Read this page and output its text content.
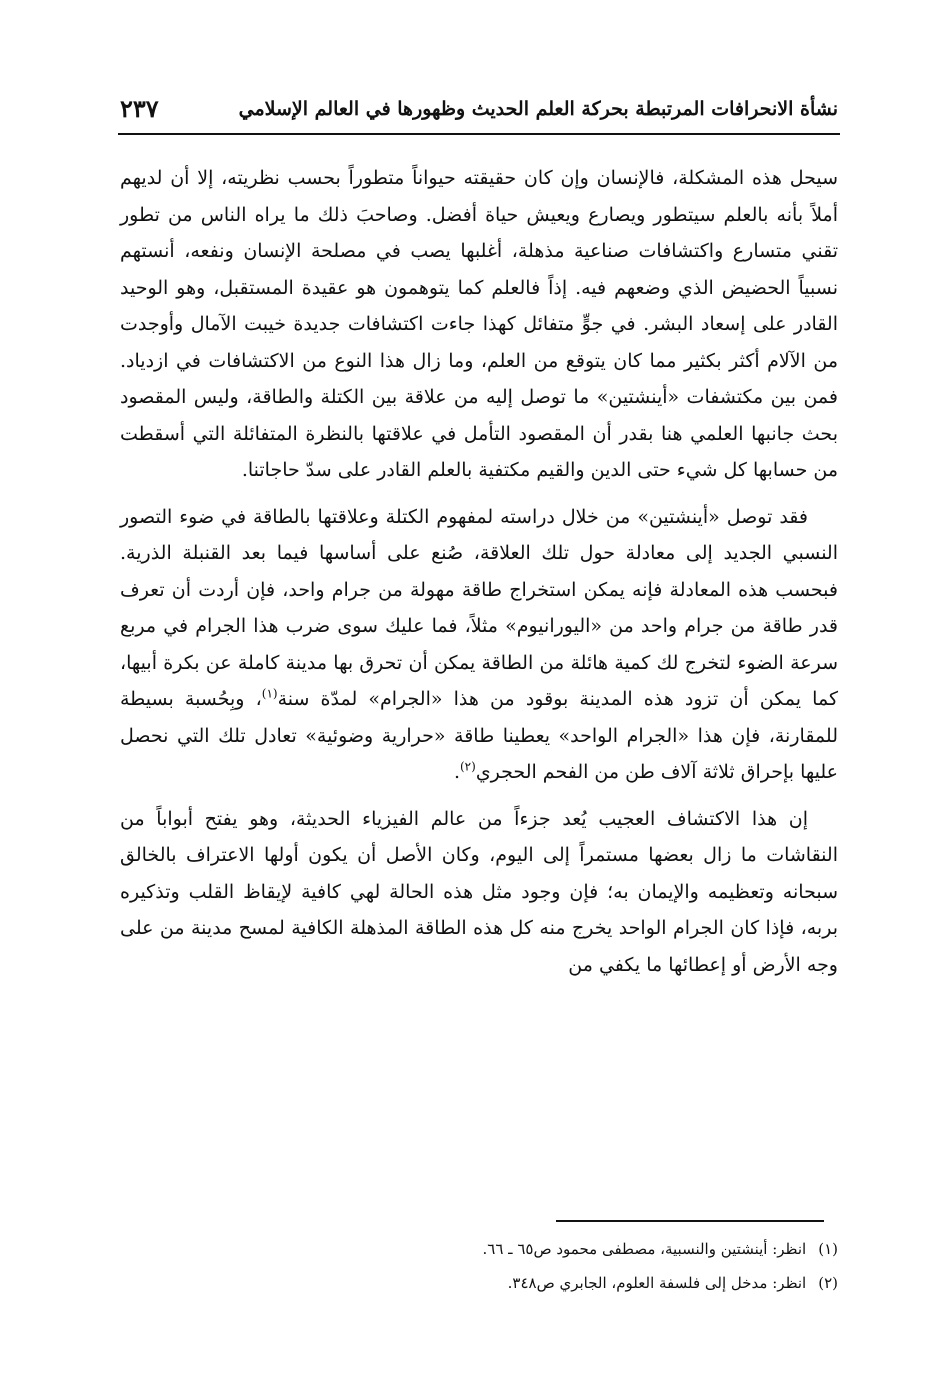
نشأة الانحرافات المرتبطة بحركة العلم الحديث وظهورها في العالم الإسلامي
٢٣٧

سيحل هذه المشكلة، فالإنسان وإن كان حقيقته حيواناً متطوراً بحسب نظريته، إلا أن لديهم أملاً بأنه بالعلم سيتطور ويصارع ويعيش حياة أفضل. وصاحبَ ذلك ما يراه الناس من تطور تقني متسارع واكتشافات صناعية مذهلة، أغلبها يصب في مصلحة الإنسان ونفعه، أنستهم نسبياً الحضيض الذي وضعهم فيه. إذاً فالعلم كما يتوهمون هو عقيدة المستقبل، وهو الوحيد القادر على إسعاد البشر. في جوٍّ متفائل كهذا جاءت اكتشافات جديدة خيبت الآمال وأوجدت من الآلام أكثر بكثير مما كان يتوقع من العلم، وما زال هذا النوع من الاكتشافات في ازدياد. فمن بين مكتشفات «أينشتين» ما توصل إليه من علاقة بين الكتلة والطاقة، وليس المقصود بحث جانبها العلمي هنا بقدر أن المقصود التأمل في علاقتها بالنظرة المتفائلة التي أسقطت من حسابها كل شيء حتى الدين والقيم مكتفية بالعلم القادر على سدّ حاجاتنا.

فقد توصل «أينشتين» من خلال دراسته لمفهوم الكتلة وعلاقتها بالطاقة في ضوء التصور النسبي الجديد إلى معادلة حول تلك العلاقة، صُنع على أساسها فيما بعد القنبلة الذرية. فبحسب هذه المعادلة فإنه يمكن استخراج طاقة مهولة من جرام واحد، فإن أردت أن تعرف قدر طاقة من جرام واحد من «اليورانيوم» مثلاً، فما عليك سوى ضرب هذا الجرام في مربع سرعة الضوء لتخرج لك كمية هائلة من الطاقة يمكن أن تحرق بها مدينة كاملة عن بكرة أبيها، كما يمكن أن تزود هذه المدينة بوقود من هذا «الجرام» لمدّة سنة$^{(١)}$، وبِحُسبة بسيطة للمقارنة، فإن هذا «الجرام الواحد» يعطينا طاقة «حرارية وضوئية» تعادل تلك التي نحصل عليها بإحراق ثلاثة آلاف طن من الفحم الحجري$^{(٢)}$.

إن هذا الاكتشاف العجيب يُعد جزءاً من عالم الفيزياء الحديثة، وهو يفتح أبواباً من النقاشات ما زال بعضها مستمراً إلى اليوم، وكان الأصل أن يكون أولها الاعتراف بالخالق سبحانه وتعظيمه والإيمان به؛ فإن وجود مثل هذه الحالة لهي كافية لإيقاظ القلب وتذكيره بربه، فإذا كان الجرام الواحد يخرج منه كل هذه الطاقة المذهلة الكافية لمسح مدينة من على وجه الأرض أو إعطائها ما يكفي من

(١)انظر: أينشتين والنسبية، مصطفى محمود ص٦٥ ـ ٦٦.
(٢)انظر: مدخل إلى فلسفة العلوم، الجابري ص٣٤٨.
